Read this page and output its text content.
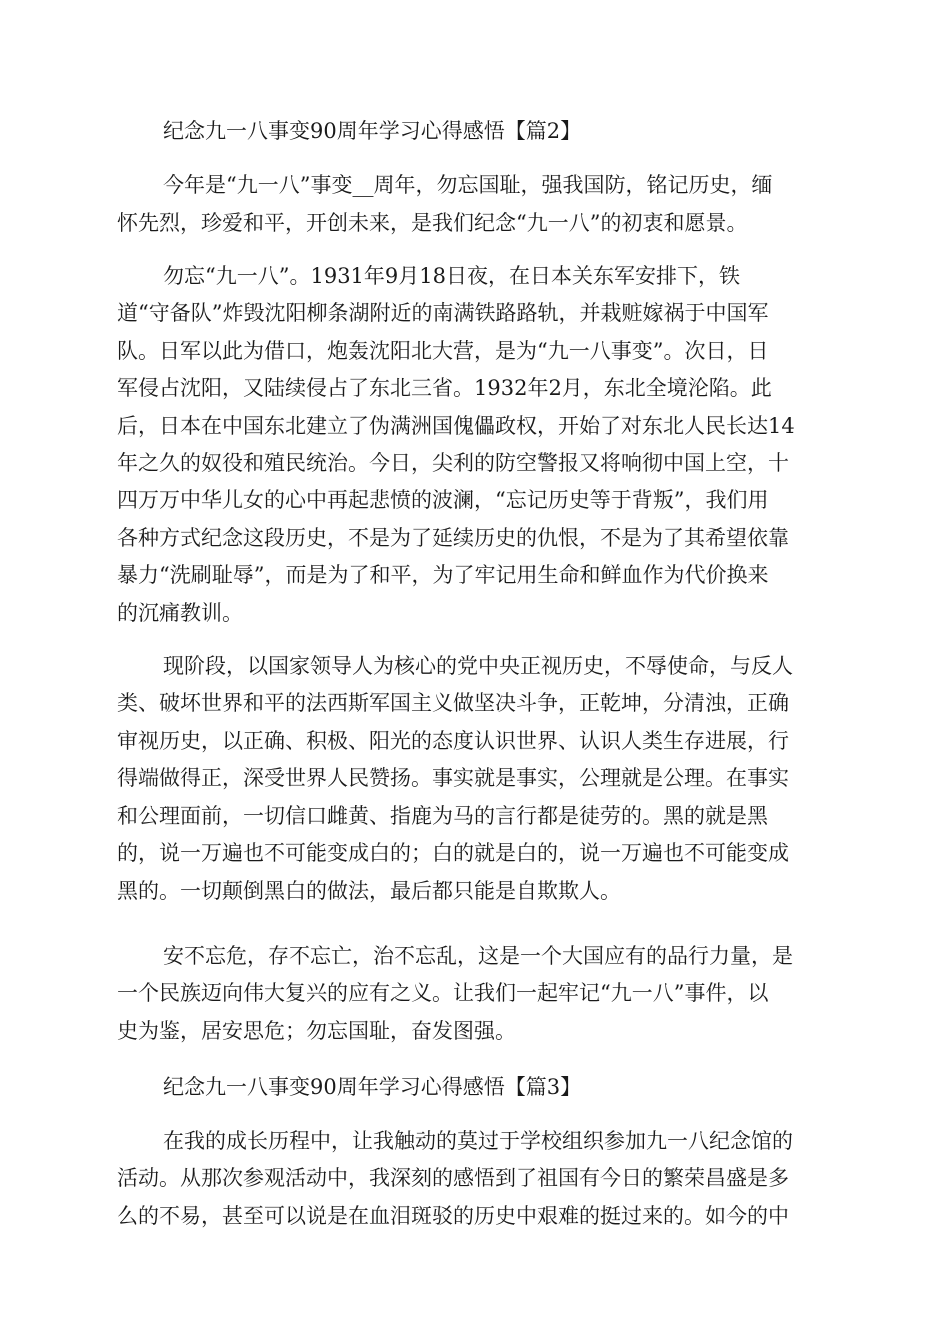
纪念九一八事变90周年学习心得感悟【篇2】
今年是“九一八”事变__周年，勿忘国耻，强我国防，铭记历史，缅
怀先烈，珍爱和平，开创未来，是我们纪念“九一八”的初衷和愿景。
勿忘“九一八”。1931年9月18日夜，在日本关东军安排下，铁
道“守备队”炸毁沈阳柳条湖附近的南满铁路路轨，并栽赃嫁祸于中国军
队。日军以此为借口，炮轰沈阳北大营，是为“九一八事变”。次日，日
军侵占沈阳，又陆续侵占了东北三省。1932年2月，东北全境沦陷。此
后，日本在中国东北建立了伪满洲国傀儡政权，开始了对东北人民长达14
年之久的奴役和殖民统治。今日，尖利的防空警报又将响彻中国上空，十
四万万中华儿女的心中再起悲愤的波澜，“忘记历史等于背叛”，我们用
各种方式纪念这段历史，不是为了延续历史的仇恨，不是为了其希望依靠
暴力“洗刷耻辱”，而是为了和平，为了牢记用生命和鲜血作为代价换来
的沉痛教训。
现阶段，以国家领导人为核心的党中央正视历史，不辱使命，与反人
类、破坏世界和平的法西斯军国主义做坚决斗争，正乾坤，分清浊，正确
审视历史，以正确、积极、阳光的态度认识世界、认识人类生存进展，行
得端做得正，深受世界人民赞扬。事实就是事实，公理就是公理。在事实
和公理面前，一切信口雌黄、指鹿为马的言行都是徒劳的。黑的就是黑
的，说一万遍也不可能变成白的；白的就是白的，说一万遍也不可能变成
黑的。一切颠倒黑白的做法，最后都只能是自欺欺人。
安不忘危，存不忘亡，治不忘乱，这是一个大国应有的品行力量，是
一个民族迈向伟大复兴的应有之义。让我们一起牢记“九一八”事件，以
史为鉴，居安思危；勿忘国耻，奋发图强。
纪念九一八事变90周年学习心得感悟【篇3】
在我的成长历程中，让我触动的莫过于学校组织参加九一八纪念馆的
活动。从那次参观活动中，我深刻的感悟到了祖国有今日的繁荣昌盛是多
么的不易，甚至可以说是在血泪斑驳的历史中艰难的挺过来的。如今的中
